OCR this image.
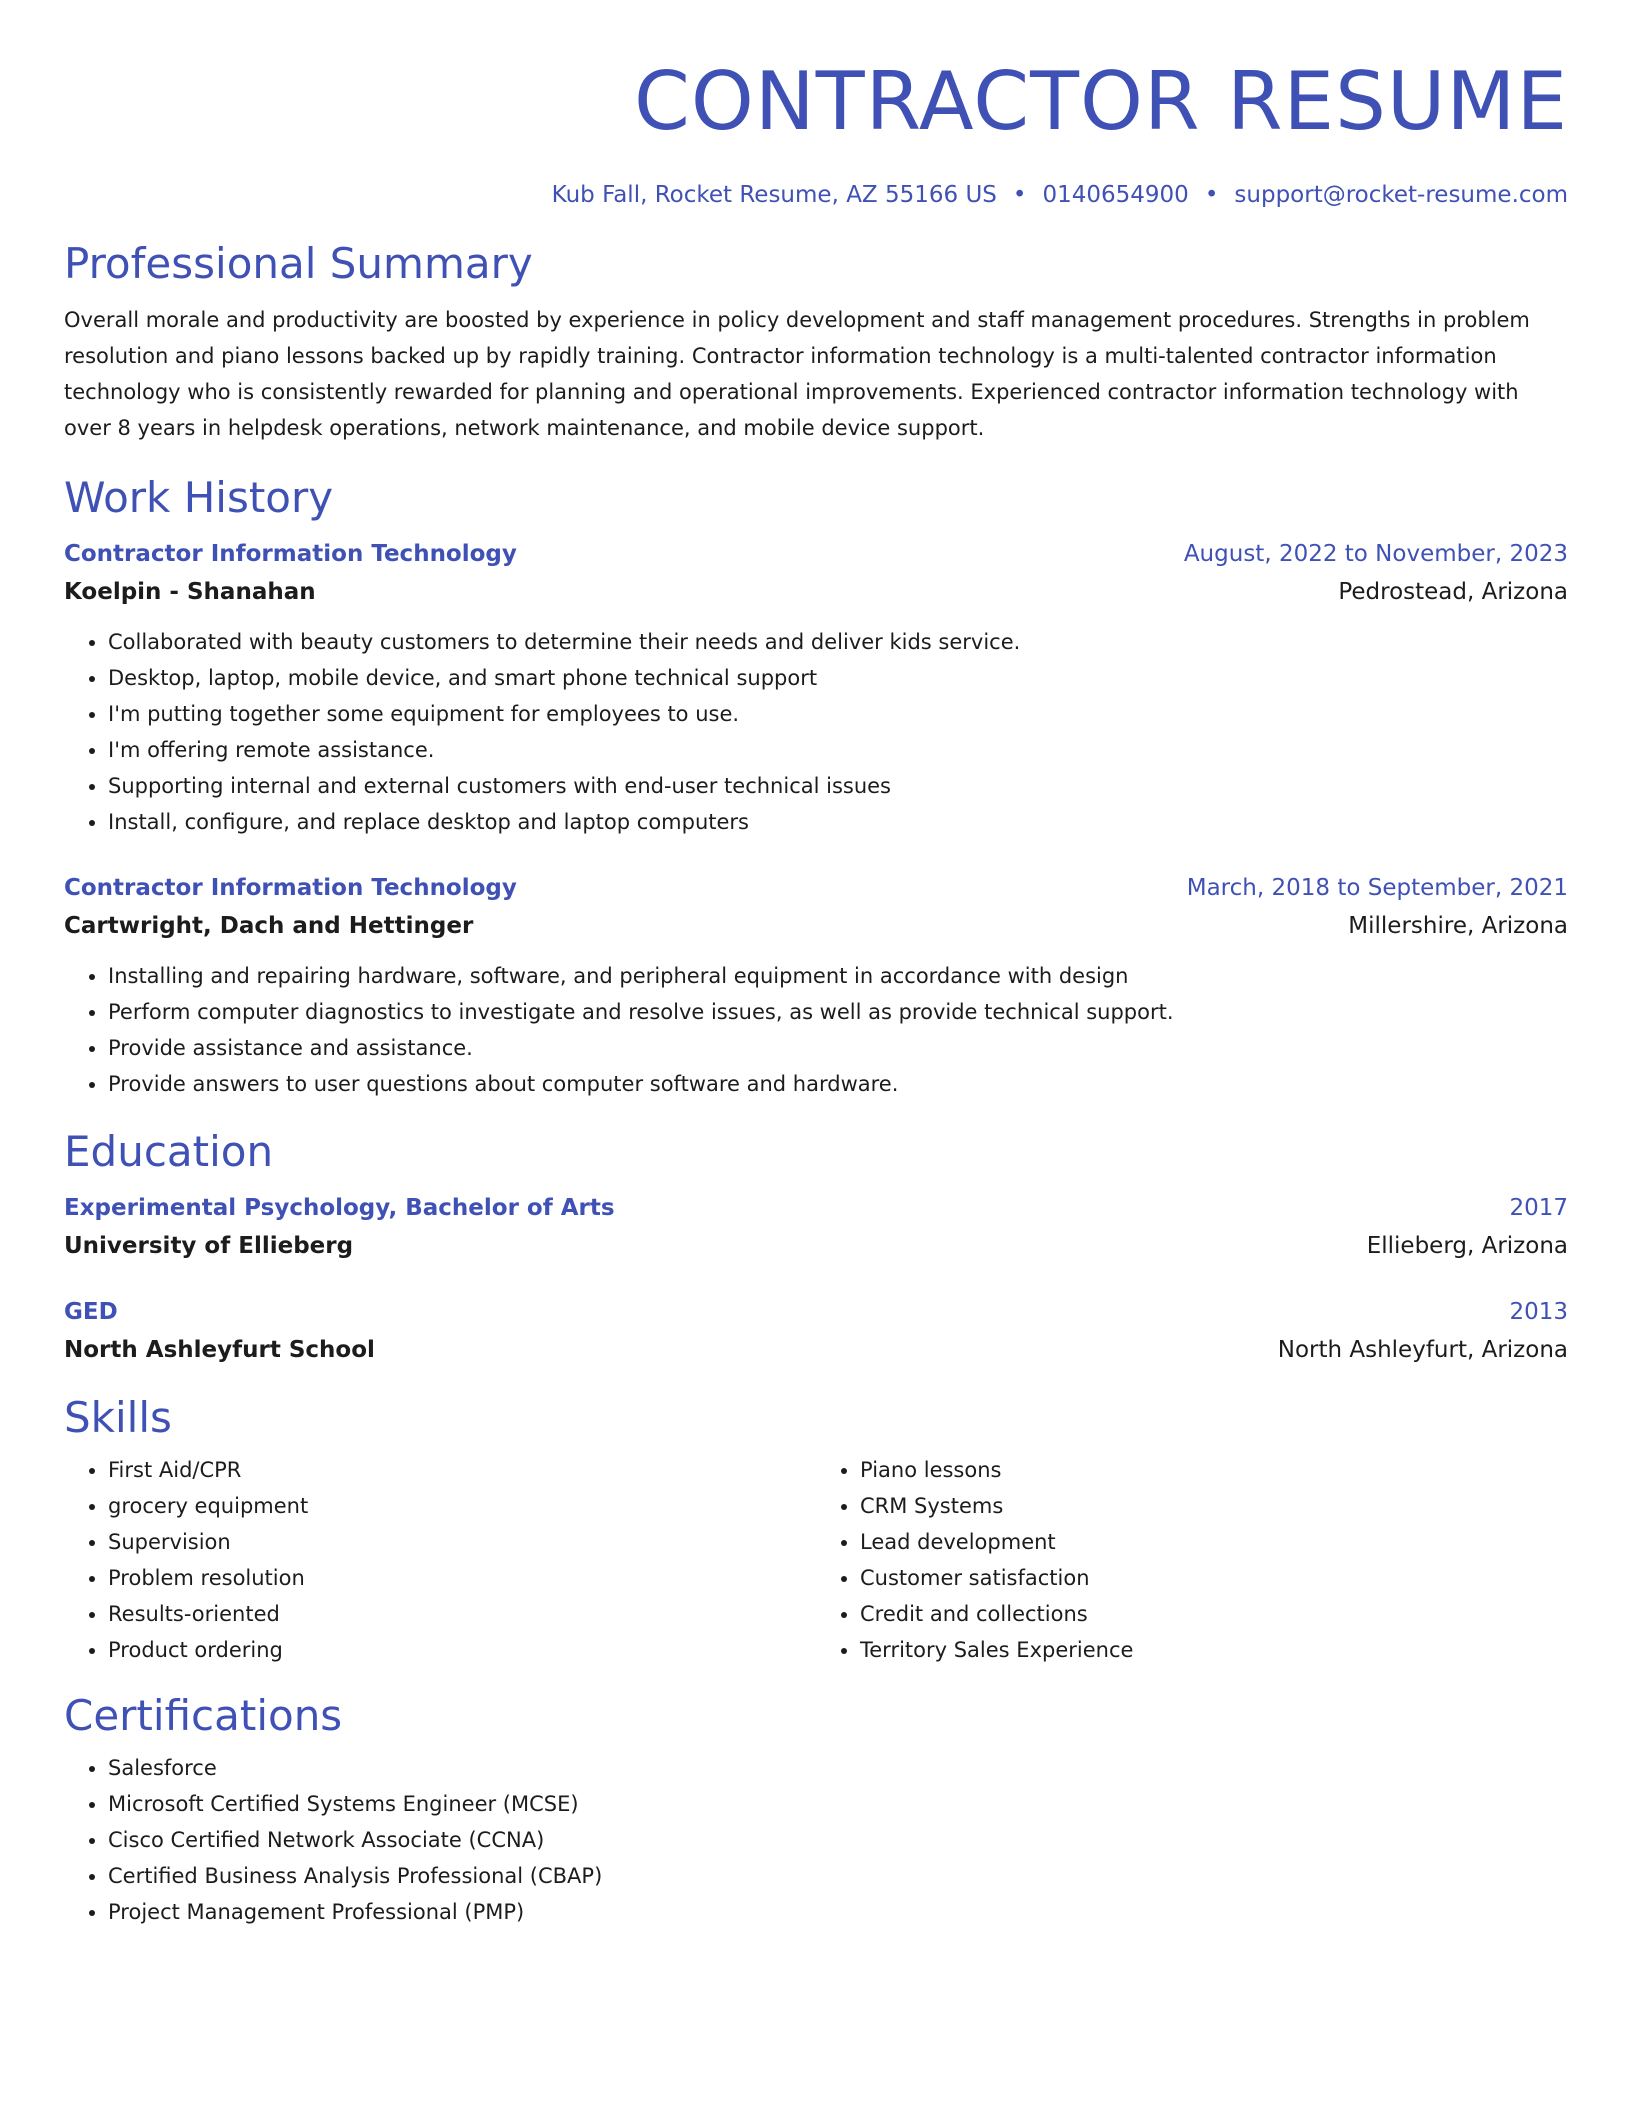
CONTRACTOR RESUME
Kub Fall, Rocket Resume, AZ 55166 US • 0140654900 • support@rocket-resume.com
Professional Summary

Overall morale and productivity are boosted by experience in policy development and staff management procedures. Strengths in problem resolution and piano lessons backed up by rapidly training. Contractor information technology is a multi-talented contractor information technology who is consistently rewarded for planning and operational improvements. Experienced contractor information technology with over 8 years in helpdesk operations, network maintenance, and mobile device support.

Work History
Contractor Information Technology	August, 2022 to November, 2023
Koelpin - Shanahan	Pedrostead, Arizona
• Collaborated with beauty customers to determine their needs and deliver kids service.
• Desktop, laptop, mobile device, and smart phone technical support
• I'm putting together some equipment for employees to use.
• I'm offering remote assistance.
• Supporting internal and external customers with end-user technical issues
• Install, configure, and replace desktop and laptop computers
Contractor Information Technology	March, 2018 to September, 2021
Cartwright, Dach and Hettinger	Millershire, Arizona
• Installing and repairing hardware, software, and peripheral equipment in accordance with design
• Perform computer diagnostics to investigate and resolve issues, as well as provide technical support.
• Provide assistance and assistance.
• Provide answers to user questions about computer software and hardware.
Education
Experimental Psychology, Bachelor of Arts	2017
University of Ellieberg	Ellieberg, Arizona
GED	2013
North Ashleyfurt School	North Ashleyfurt, Arizona
Skills
• First Aid/CPR
• grocery equipment
• Supervision
• Problem resolution
• Results-oriented
• Product ordering
• Piano lessons
• CRM Systems
• Lead development
• Customer satisfaction
• Credit and collections
• Territory Sales Experience
Certifications
• Salesforce
• Microsoft Certified Systems Engineer (MCSE)
• Cisco Certified Network Associate (CCNA)
• Certified Business Analysis Professional (CBAP)
• Project Management Professional (PMP)
